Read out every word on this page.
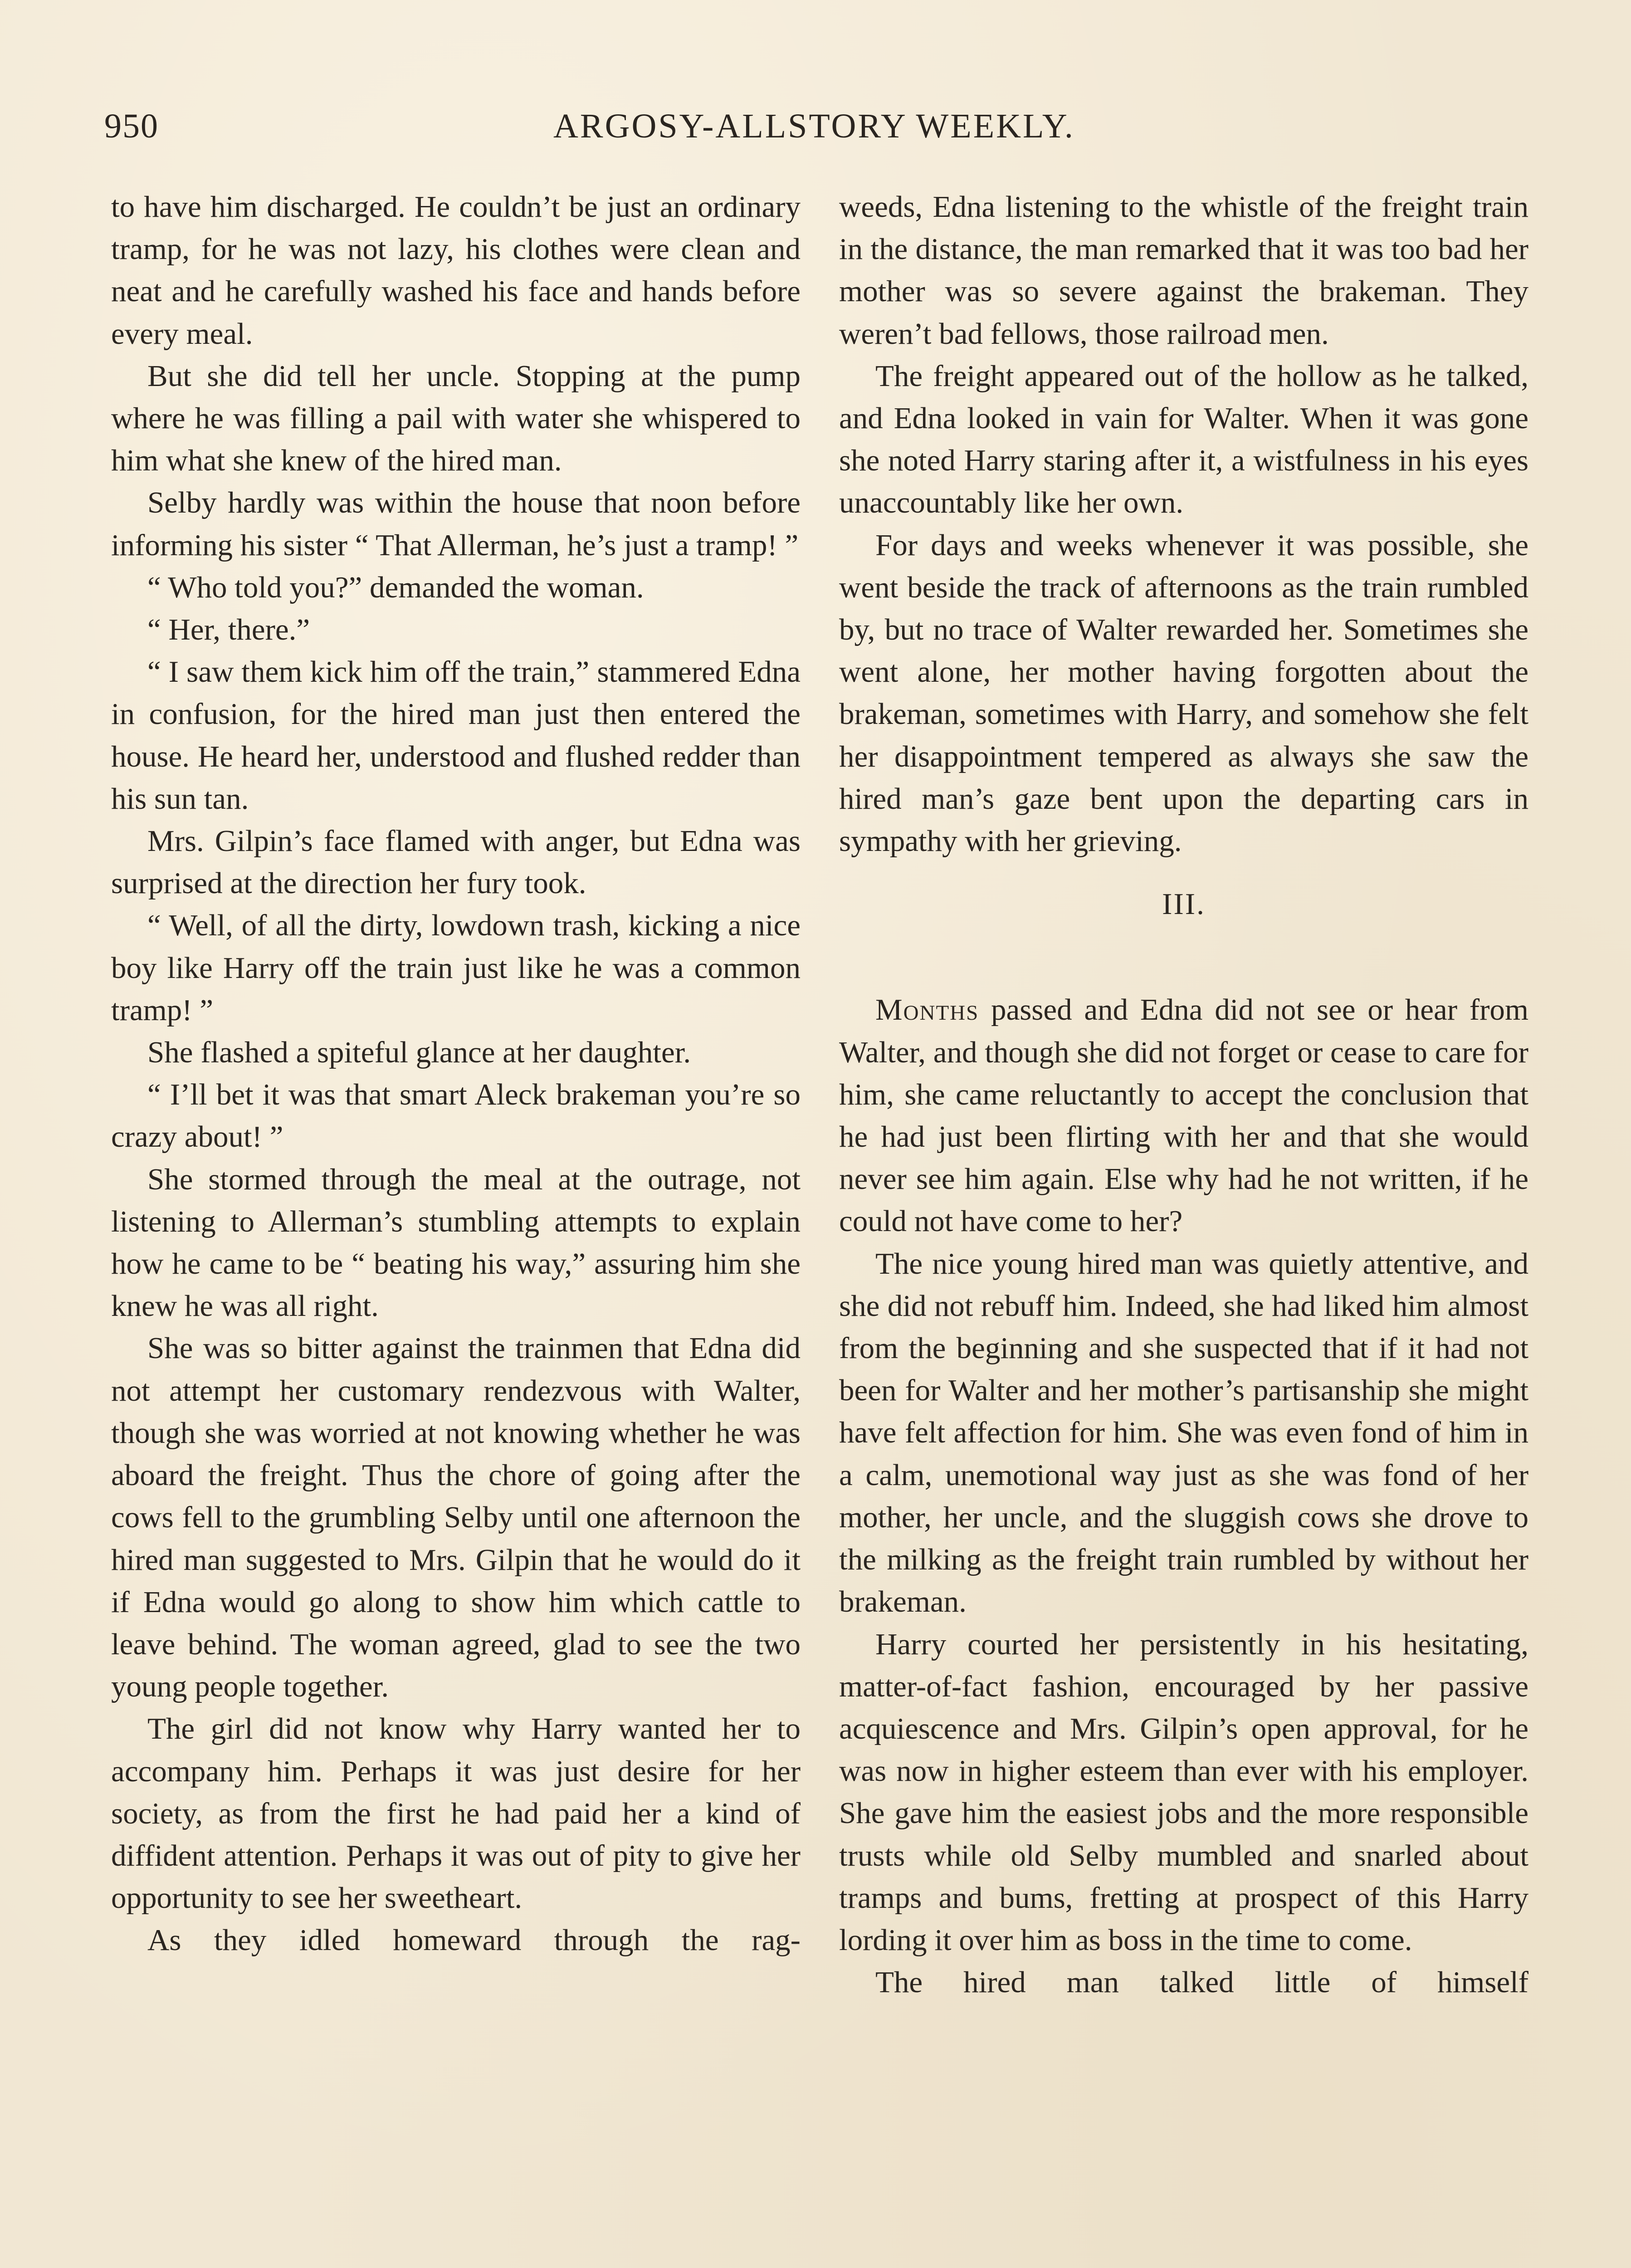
950	ARGOSY-ALLSTORY WEEKLY.

to have him discharged. He couldn’t be just an ordinary tramp, for he was not lazy, his clothes were clean and neat and he carefully washed his face and hands before every meal.

But she did tell her uncle. Stopping at the pump where he was filling a pail with water she whispered to him what she knew of the hired man.

Selby hardly was within the house that noon before informing his sister “ That Allerman, he’s just a tramp! ”

“ Who told you?” demanded the woman.

“ Her, there.”

“ I saw them kick him off the train,” stammered Edna in confusion, for the hired man just then entered the house. He heard her, understood and flushed redder than his sun tan.

Mrs. Gilpin’s face flamed with anger, but Edna was surprised at the direction her fury took.

“ Well, of all the dirty, lowdown trash, kicking a nice boy like Harry off the train just like he was a common tramp! ”

She flashed a spiteful glance at her daughter.

“ I’ll bet it was that smart Aleck brakeman you’re so crazy about! ”

She stormed through the meal at the outrage, not listening to Allerman’s stumbling attempts to explain how he came to be “ beating his way,” assuring him she knew he was all right.

She was so bitter against the trainmen that Edna did not attempt her customary rendezvous with Walter, though she was worried at not knowing whether he was aboard the freight. Thus the chore of going after the cows fell to the grumbling Selby until one afternoon the hired man suggested to Mrs. Gilpin that he would do it if Edna would go along to show him which cattle to leave behind. The woman agreed, glad to see the two young people together.

The girl did not know why Harry wanted her to accompany him. Perhaps it was just desire for her society, as from the first he had paid her a kind of diffident attention. Perhaps it was out of pity to give her opportunity to see her sweetheart.

As they idled homeward through the rag-

weeds, Edna listening to the whistle of the freight train in the distance, the man remarked that it was too bad her mother was so severe against the brakeman. They weren’t bad fellows, those railroad men.

The freight appeared out of the hollow as he talked, and Edna looked in vain for Walter. When it was gone she noted Harry staring after it, a wistfulness in his eyes unaccountably like her own.

For days and weeks whenever it was possible, she went beside the track of afternoons as the train rumbled by, but no trace of Walter rewarded her. Sometimes she went alone, her mother having forgotten about the brakeman, sometimes with Harry, and somehow she felt her disappointment tempered as always she saw the hired man’s gaze bent upon the departing cars in sympathy with her grieving.

III.

Months passed and Edna did not see or hear from Walter, and though she did not forget or cease to care for him, she came reluctantly to accept the conclusion that he had just been flirting with her and that she would never see him again. Else why had he not written, if he could not have come to her?

The nice young hired man was quietly attentive, and she did not rebuff him. Indeed, she had liked him almost from the beginning and she suspected that if it had not been for Walter and her mother’s partisanship she might have felt affection for him. She was even fond of him in a calm, unemotional way just as she was fond of her mother, her uncle, and the sluggish cows she drove to the milking as the freight train rumbled by without her brakeman.

Harry courted her persistently in his hesitating, matter-of-fact fashion, encouraged by her passive acquiescence and Mrs. Gilpin’s open approval, for he was now in higher esteem than ever with his employer. She gave him the easiest jobs and the more responsible trusts while old Selby mumbled and snarled about tramps and bums, fretting at prospect of this Harry lording it over him as boss in the time to come.

The hired man talked little of himself
